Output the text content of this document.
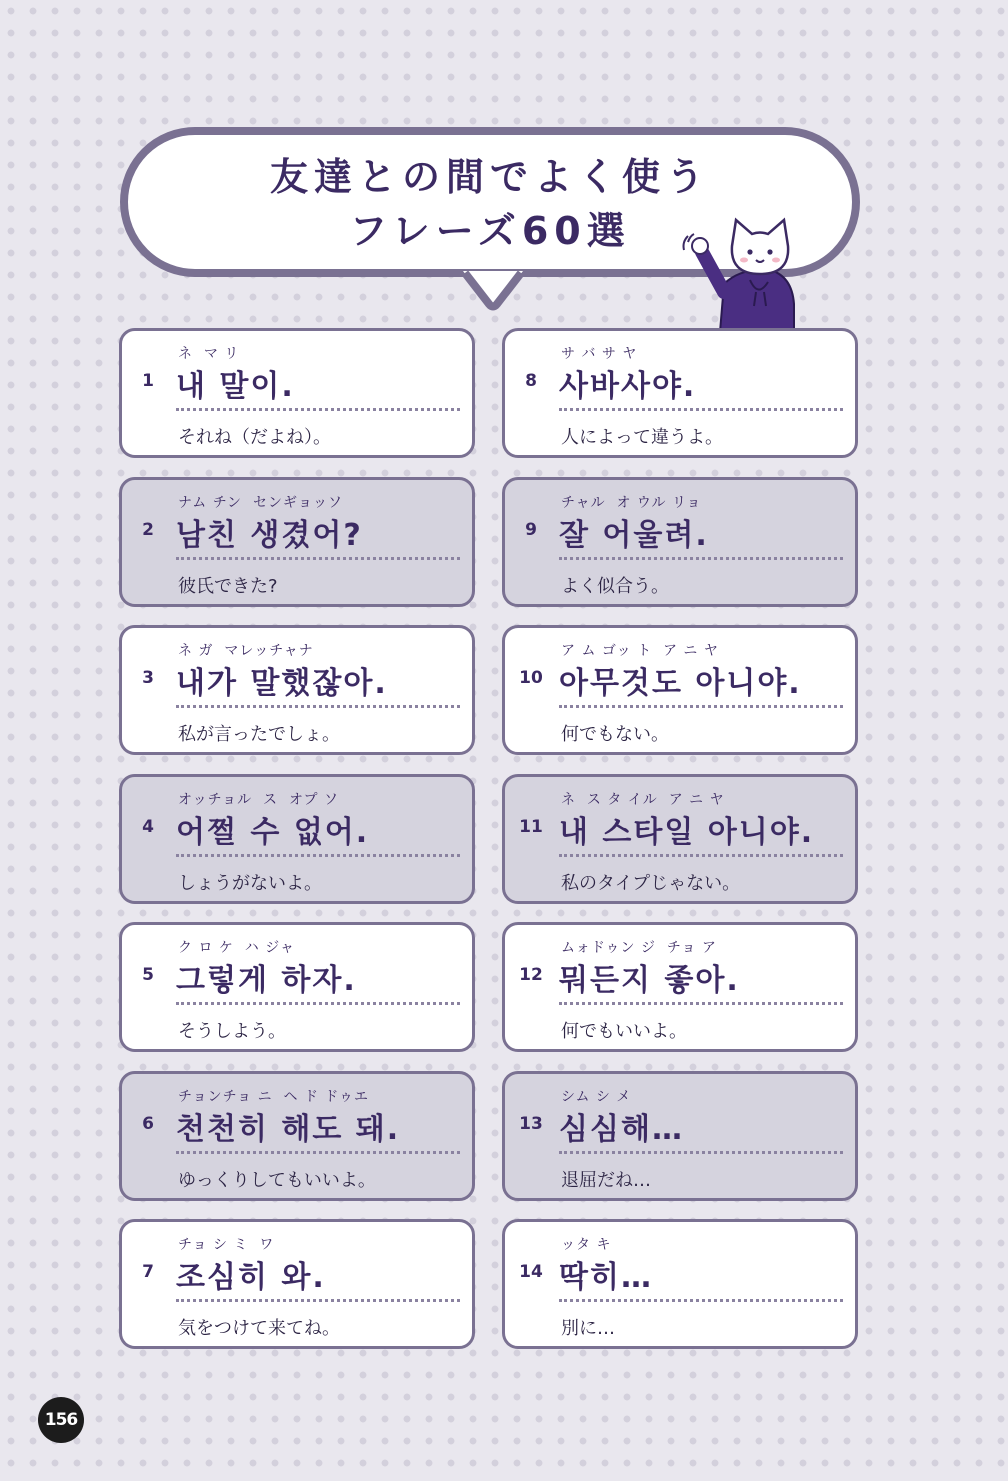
友達との間でよく使う
フレーズ60選
1
ネ  マ リ
내 말이.
それね（だよね）。
2
ナム チン  センギョッソ
남친 생겼어?
彼氏できた?
3
ネ ガ  マレッチャナ
내가 말했잖아.
私が言ったでしょ。
4
オッチョル  ス  オプ ソ
어쩔 수 없어.
しょうがないよ。
5
ク ロ ケ  ハ ジャ
그렇게 하자.
そうしよう。
6
チョンチョ ニ  ヘ ド ドゥエ
천천히 해도 돼.
ゆっくりしてもいいよ。
7
チョ シ ミ  ワ
조심히 와.
気をつけて来てね。
8
サ バ サ ヤ
사바사야.
人によって違うよ。
9
チャル  オ ウル リョ
잘 어울려.
よく似合う。
10
ア ム ゴッ ト  ア ニ ヤ
아무것도 아니야.
何でもない。
11
ネ  ス タ イル  ア ニ ヤ
내 스타일 아니야.
私のタイプじゃない。
12
ムォドゥン ジ  チョ ア
뭐든지 좋아.
何でもいいよ。
13
シム シ メ
심심해…
退屈だね…
14
ッタ キ
딱히…
別に…
156
